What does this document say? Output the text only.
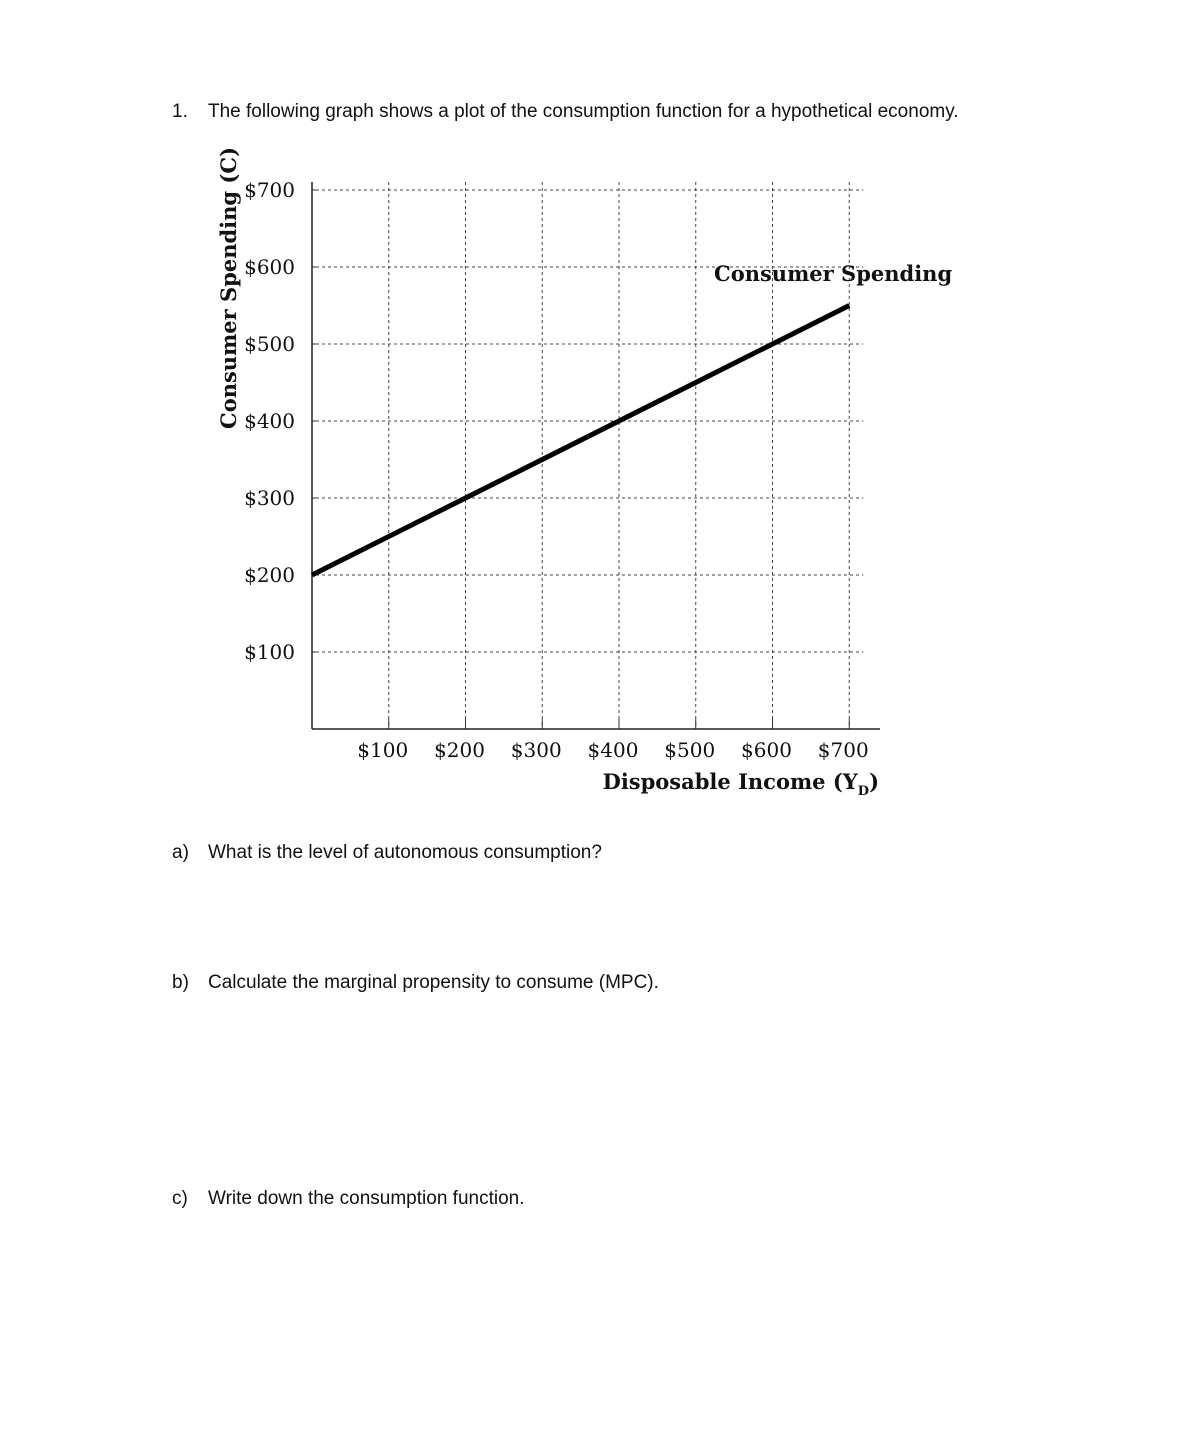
1. The following graph shows a plot of the consumption function for a hypothetical economy.
$100
$200
$300
$400
$500
$600
$700
$100 $200 $300 $400 $500 $600 $700
Consumer Spending
Consumer Spending (C)
Disposable Income $(Y_D)$
a) What is the level of autonomous consumption?
b) Calculate the marginal propensity to consume (MPC).
c) Write down the consumption function.
